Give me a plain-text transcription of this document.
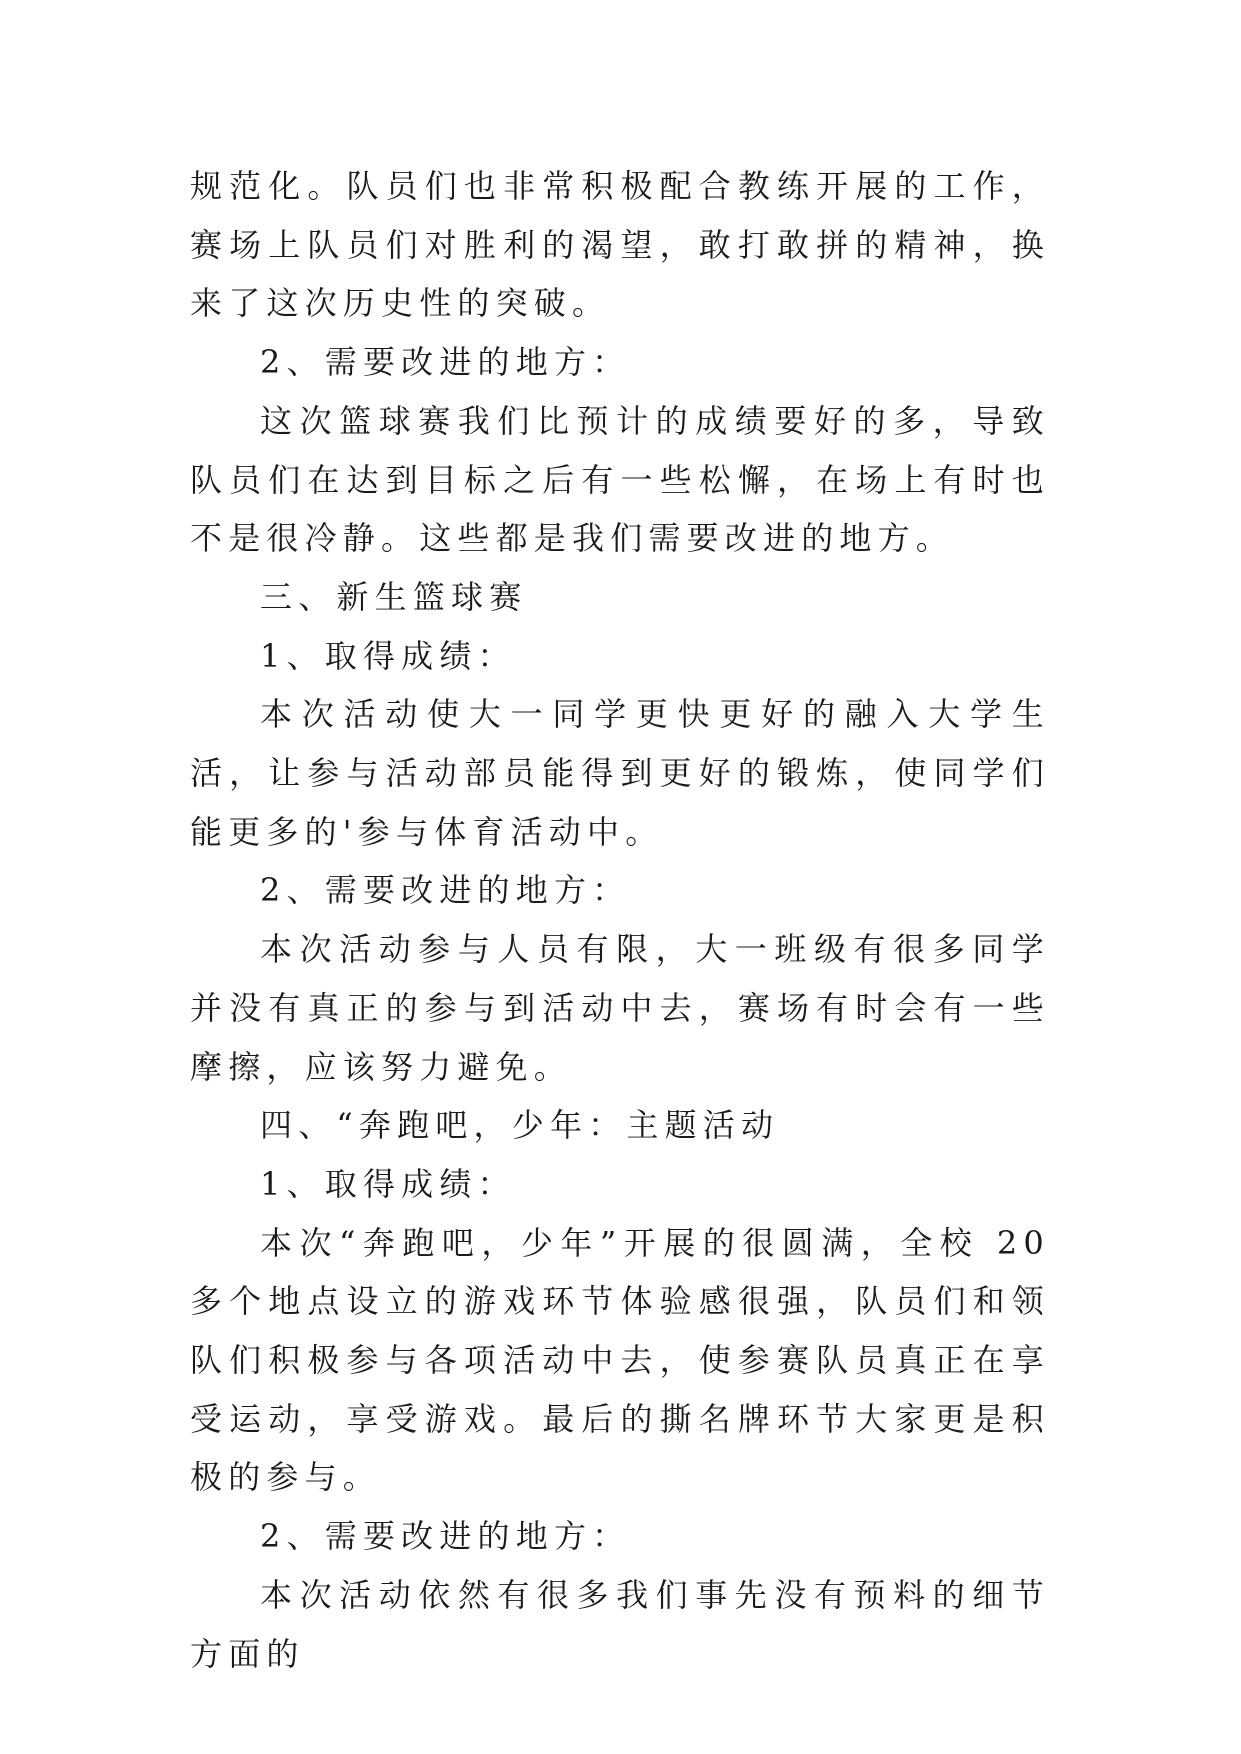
规范化。队员们也非常积极配合教练开展的工作，赛场上队员们对胜利的渴望，敢打敢拼的精神，换来了这次历史性的突破。

2、需要改进的地方：

这次篮球赛我们比预计的成绩要好的多，导致队员们在达到目标之后有一些松懈，在场上有时也不是很冷静。这些都是我们需要改进的地方。

三、新生篮球赛

1、取得成绩：

本次活动使大一同学更快更好的融入大学生活，让参与活动部员能得到更好的锻炼，使同学们能更多的'参与体育活动中。

2、需要改进的地方：

本次活动参与人员有限，大一班级有很多同学并没有真正的参与到活动中去，赛场有时会有一些摩擦，应该努力避免。

四、“奔跑吧，少年：主题活动

1、取得成绩：

本次“奔跑吧，少年”开展的很圆满，全校 20 多个地点设立的游戏环节体验感很强，队员们和领队们积极参与各项活动中去，使参赛队员真正在享受运动，享受游戏。最后的撕名牌环节大家更是积极的参与。

2、需要改进的地方：

本次活动依然有很多我们事先没有预料的细节方面的
